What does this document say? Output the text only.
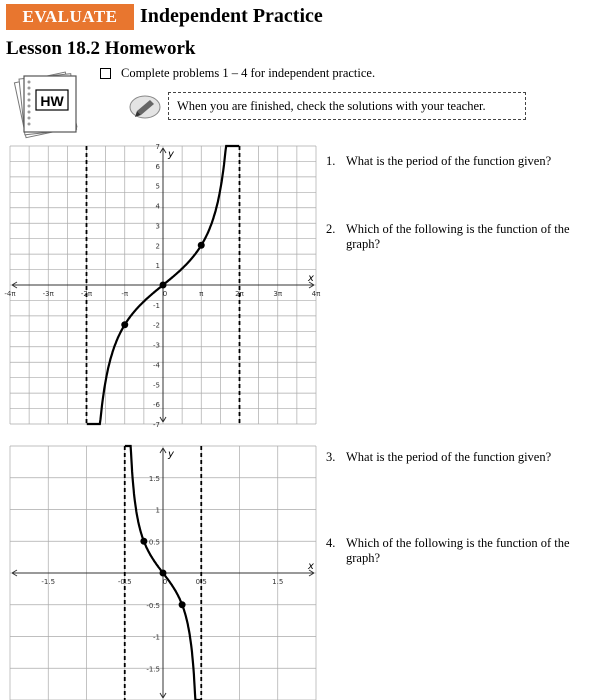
EVALUATE	Independent Practice
Lesson 18.2 Homework
Complete problems 1 – 4 for independent practice.
HW	When you are finished, check the solutions with your teacher.
x
y
-4π	-3π	-2π	-π	0	π	2π	3π	4π
7
6
5
4
3
2
1
-1
-2
-3
-4
-5
-6
-7
x
y
-1.5	-0.5	0	0.5	1.5
1.5
1
0.5
-0.5
-1
-1.5
1. What is the period of the function given?
2. Which of the following is the function of the graph?
3. What is the period of the function given?
4. Which of the following is the function of the graph?
